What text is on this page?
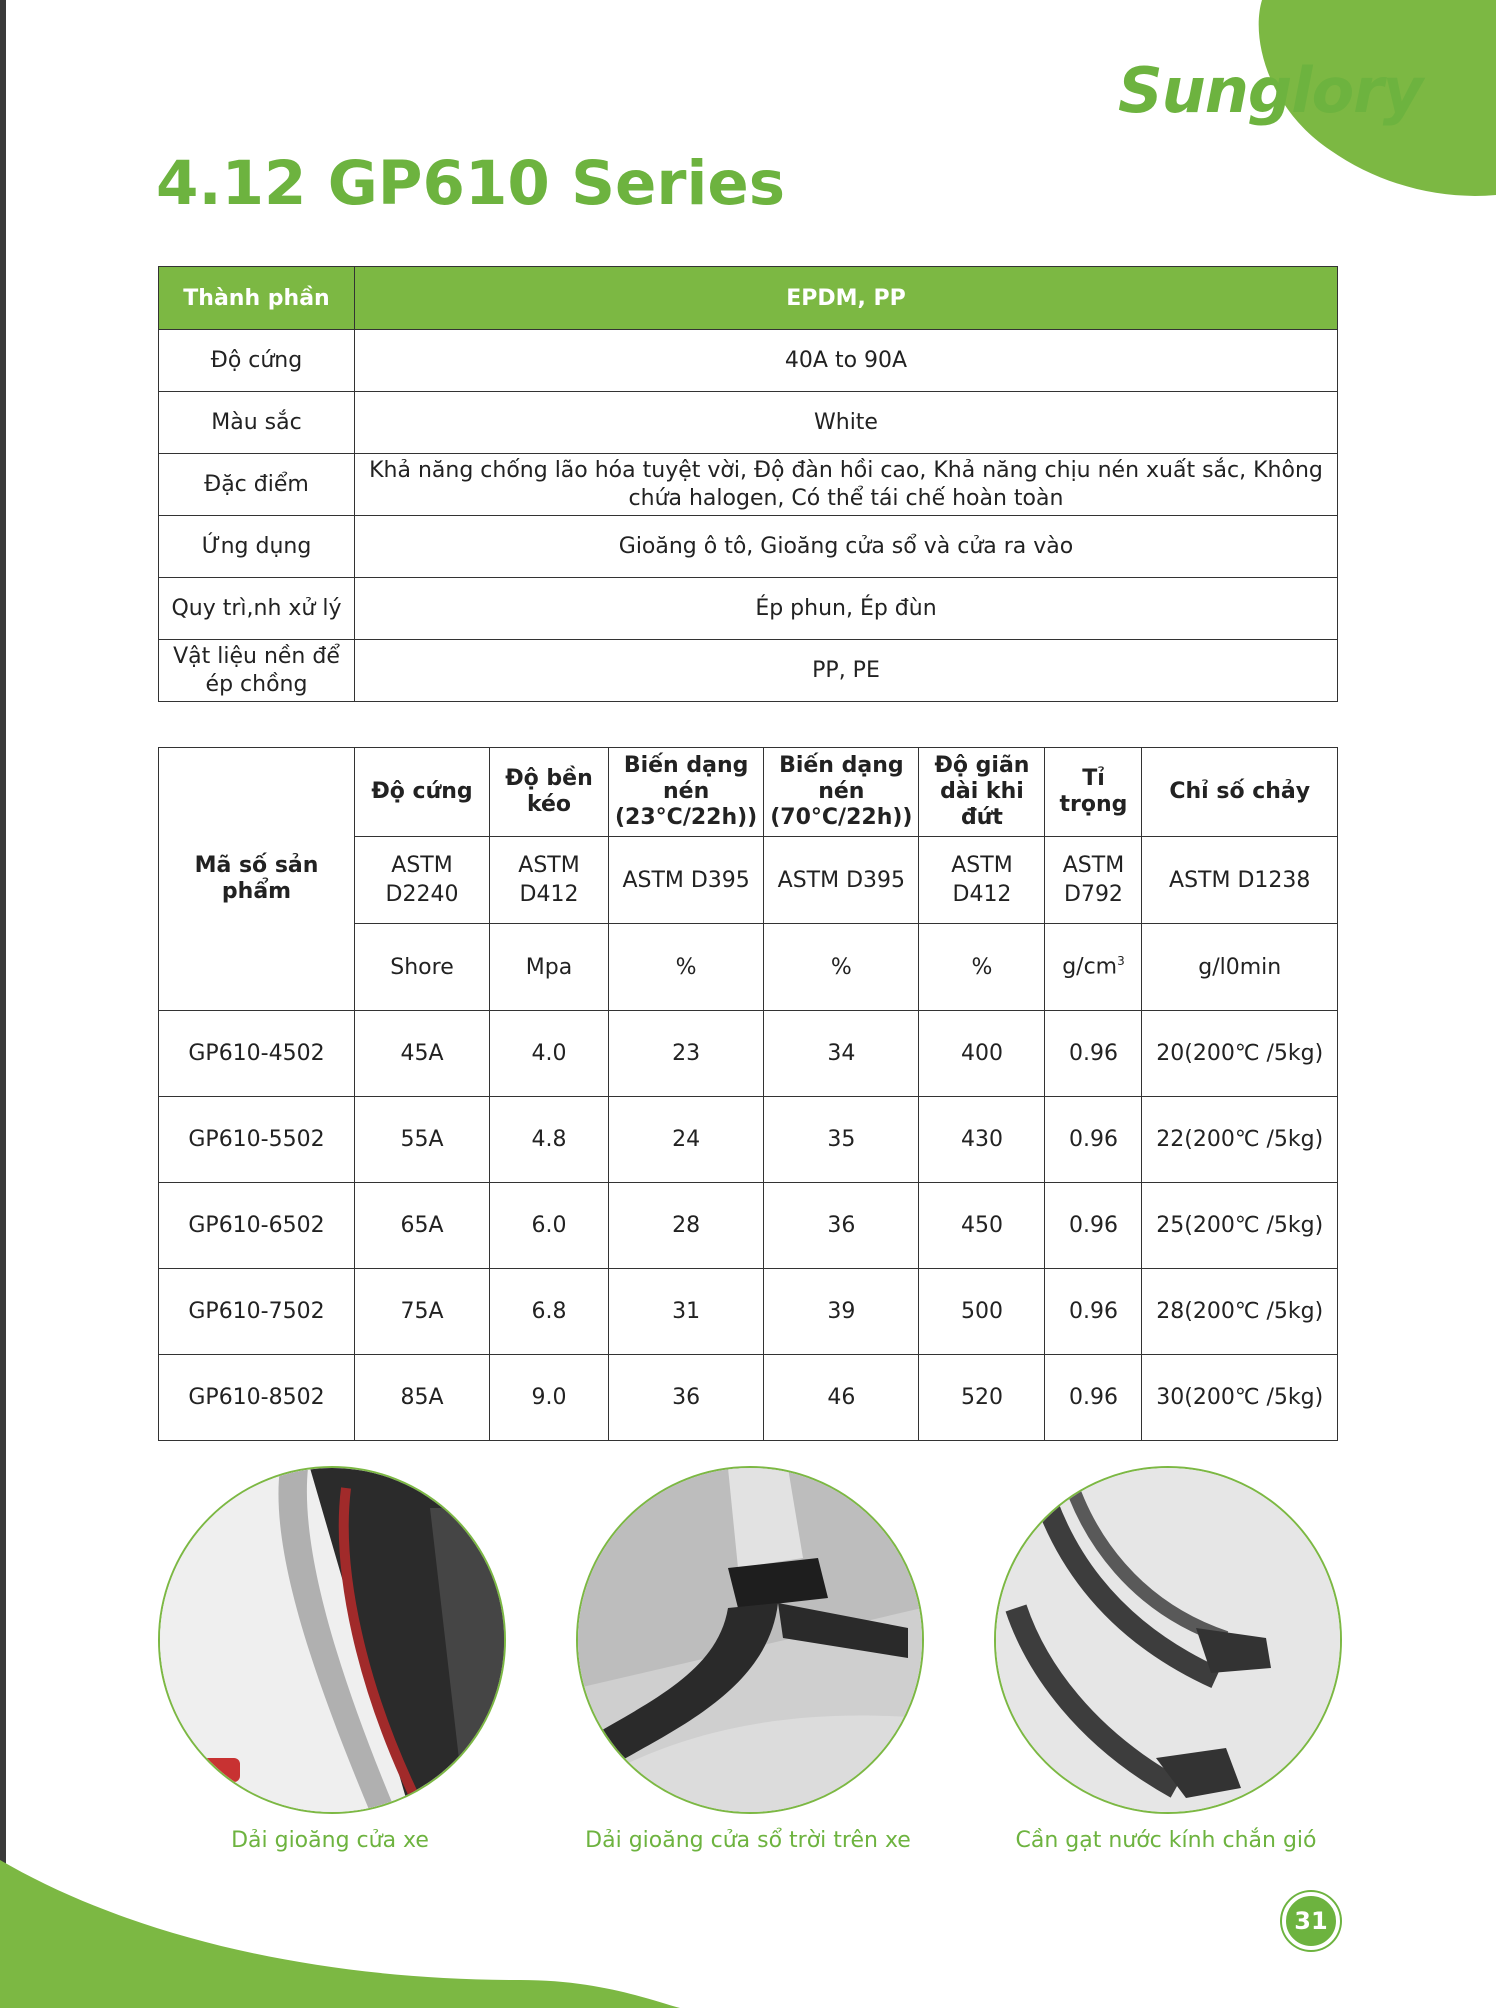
Sunglory
4.12 GP610 Series
Thành phần	EPDM, PP
Độ cứng	40A to 90A
Màu sắc	White
Đặc điểm	Khả năng chống lão hóa tuyệt vời, Độ đàn hồi cao, Khả năng chịu nén xuất sắc, Không chứa halogen, Có thể tái chế hoàn toàn
Ứng dụng	Gioăng ô tô, Gioăng cửa sổ và cửa ra vào
Quy trì,nh xử lý	Ép phun, Ép đùn
Vật liệu nền để ép chồng	PP, PE
Mã số sản phẩm	Độ cứng	Độ bền kéo	Biến dạng nén (23°C/22h))	Biến dạng nén (70°C/22h))	Độ giãn dài khi đứt	Tỉ trọng	Chỉ số chảy
	ASTM D2240	ASTM D412	ASTM D395	ASTM D395	ASTM D412	ASTM D792	ASTM D1238
	Shore	Mpa	%	%	%	$g/cm^3$	g/l0min
GP610-4502	45A	4.0	23	34	400	0.96	20(200℃ /5kg)
GP610-5502	55A	4.8	24	35	430	0.96	22(200℃ /5kg)
GP610-6502	65A	6.0	28	36	450	0.96	25(200℃ /5kg)
GP610-7502	75A	6.8	31	39	500	0.96	28(200℃ /5kg)
GP610-8502	85A	9.0	36	46	520	0.96	30(200℃ /5kg)
Dải gioăng cửa xe	Dải gioăng cửa sổ trời trên xe	Cần gạt nước kính chắn gió
31
